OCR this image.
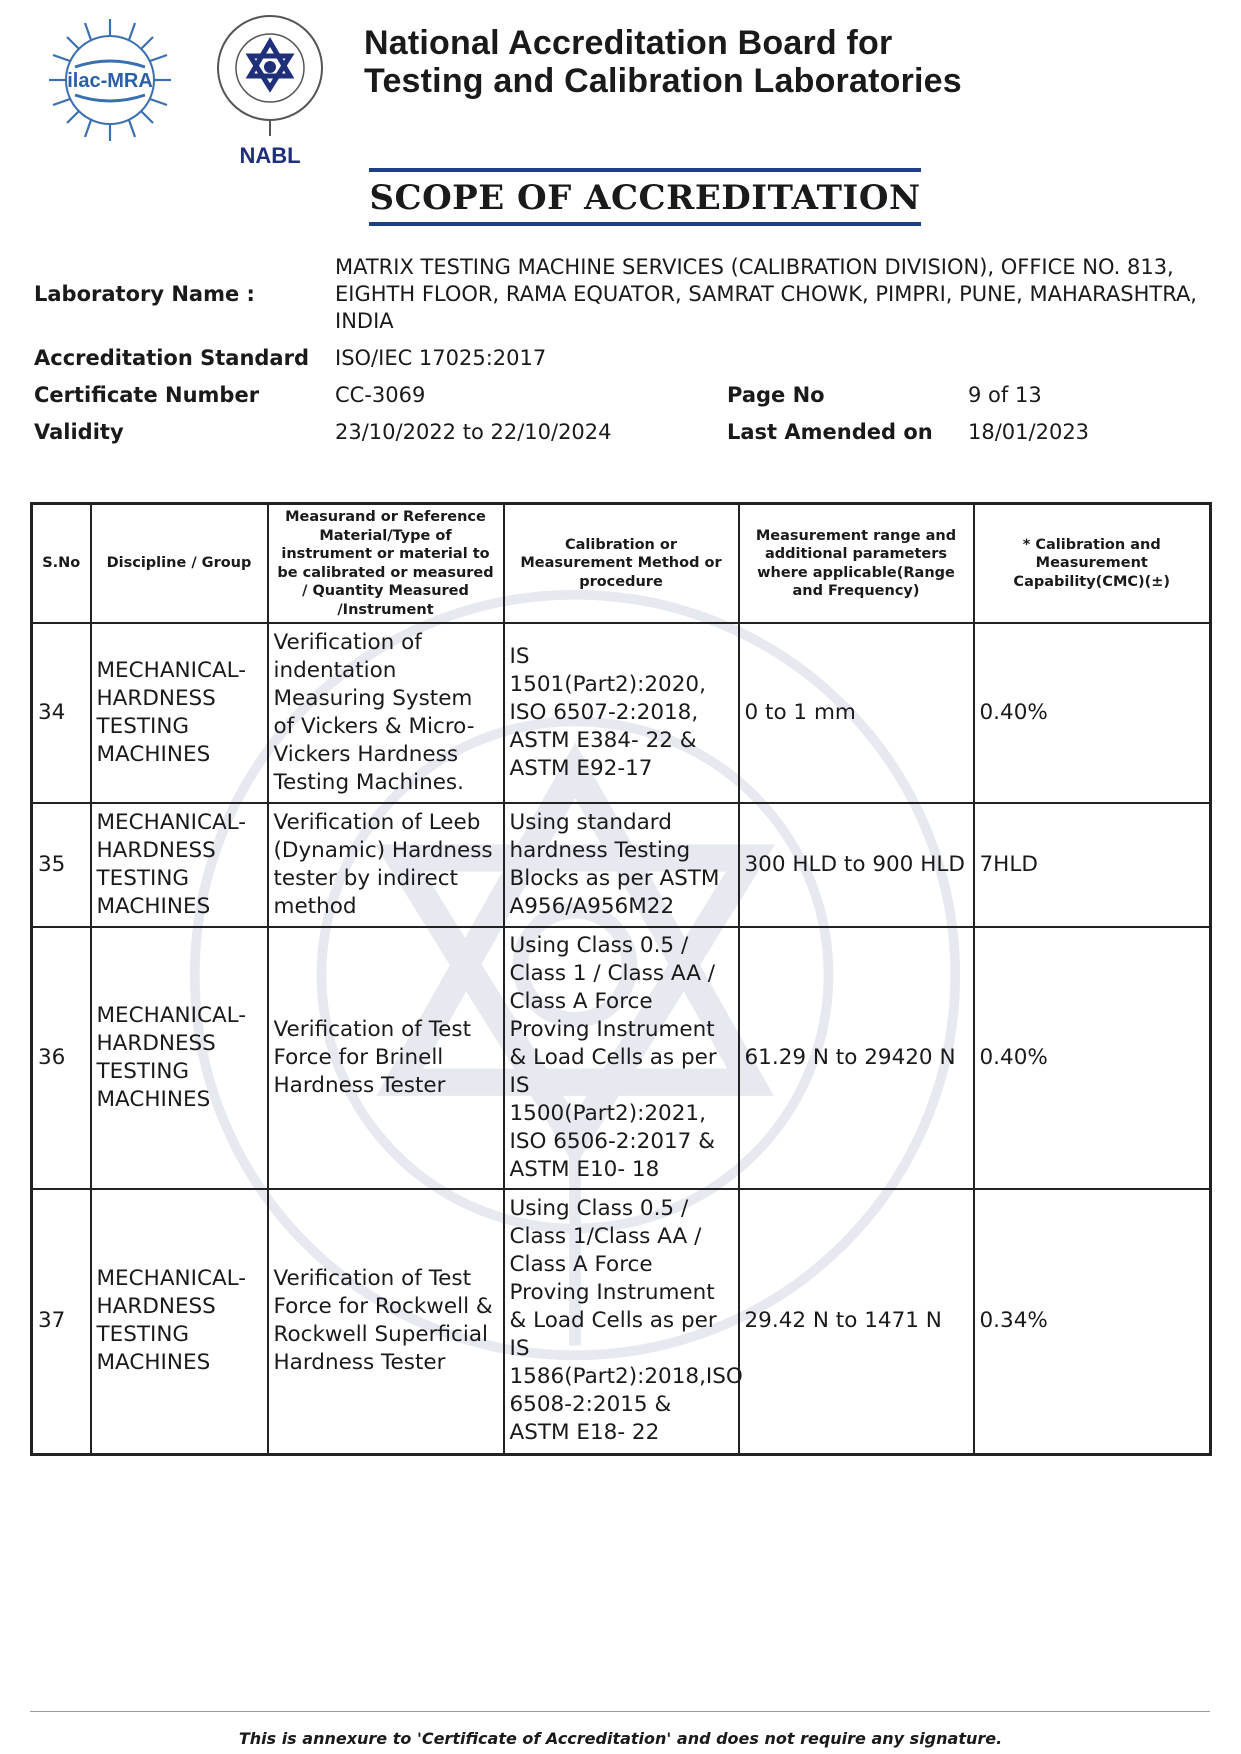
ilac-MRA
NABL
National Accreditation Board for
Testing and Calibration Laboratories
SCOPE OF ACCREDITATION
Laboratory Name :
MATRIX TESTING MACHINE SERVICES (CALIBRATION DIVISION), OFFICE NO. 813,
EIGHTH FLOOR, RAMA EQUATOR, SAMRAT CHOWK, PIMPRI, PUNE, MAHARASHTRA,
INDIA
Accreditation Standard ISO/IEC 17025:2017
Certificate Number	CC-3069	Page No	9 of 13
Validity	23/10/2022 to 22/10/2024	Last Amended on 18/01/2023
S.No	Discipline / Group	Measurand or Reference Material/Type of instrument or material to be calibrated or measured / Quantity Measured /Instrument	Calibration or Measurement Method or procedure	Measurement range and additional parameters where applicable(Range and Frequency)	* Calibration and Measurement Capability(CMC)(±)
34	MECHANICAL- HARDNESS TESTING MACHINES	Verification of indentation Measuring System of Vickers & Micro-Vickers Hardness Testing Machines.	IS 1501(Part2):2020, ISO 6507-2:2018, ASTM E384- 22 & ASTM E92-17	0 to 1 mm	0.40%
35	MECHANICAL- HARDNESS TESTING MACHINES	Verification of Leeb (Dynamic) Hardness tester by indirect method	Using standard hardness Testing Blocks as per ASTM A956/A956M22	300 HLD to 900 HLD	7HLD
36	MECHANICAL- HARDNESS TESTING MACHINES	Verification of Test Force for Brinell Hardness Tester	Using Class 0.5 / Class 1 / Class AA / Class A Force Proving Instrument & Load Cells as per IS 1500(Part2):2021, ISO 6506-2:2017 & ASTM E10- 18	61.29 N to 29420 N	0.40%
37	MECHANICAL- HARDNESS TESTING MACHINES	Verification of Test Force for Rockwell & Rockwell Superficial Hardness Tester	Using Class 0.5 / Class 1/Class AA / Class A Force Proving Instrument & Load Cells as per IS 1586(Part2):2018,ISO 6508-2:2015 & ASTM E18- 22	29.42 N to 1471 N	0.34%
This is annexure to 'Certificate of Accreditation' and does not require any signature.
